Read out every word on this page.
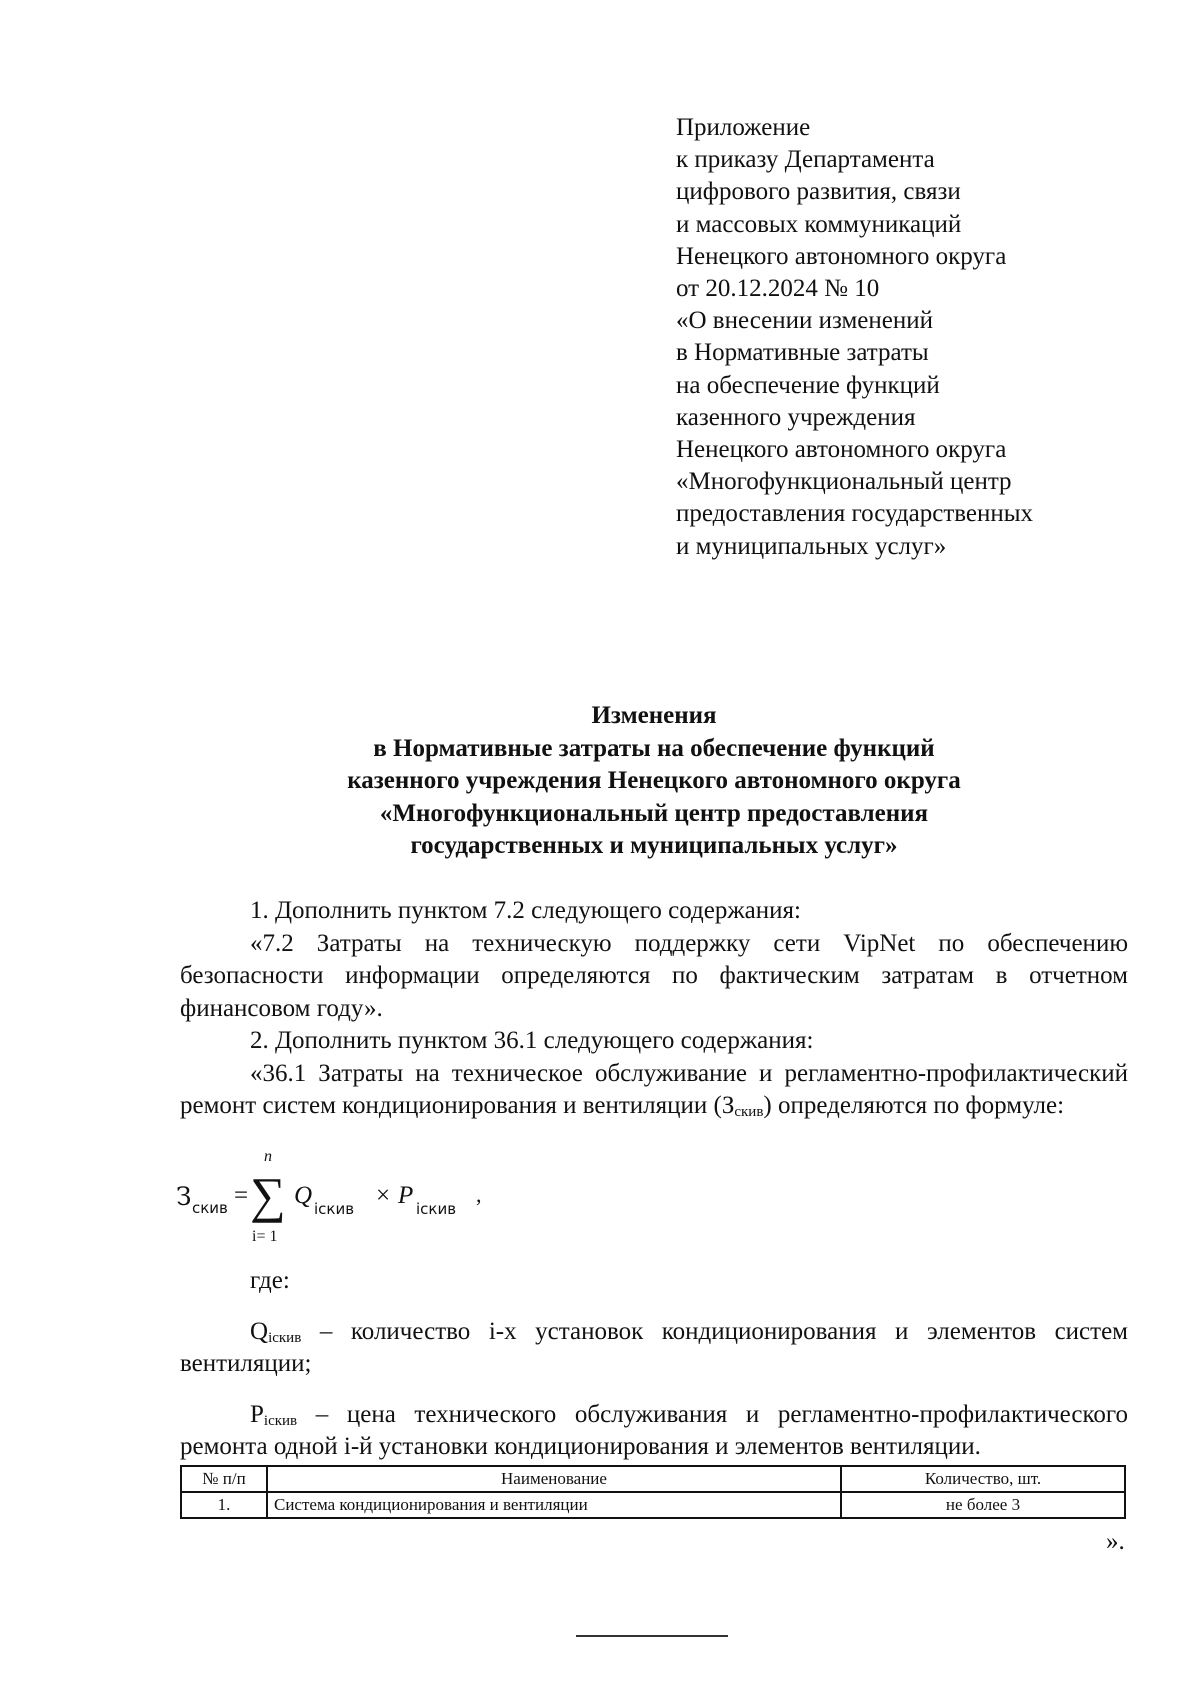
Приложение
к приказу Департамента
цифрового развития, связи
и массовых коммуникаций
Ненецкого автономного округа
от 20.12.2024 № 10
«О внесении изменений
в Нормативные затраты
на обеспечение функций
казенного учреждения
Ненецкого автономного округа
«Многофункциональный центр
предоставления государственных
и муниципальных услуг»
Изменения
в Нормативные затраты на обеспечение функций
казенного учреждения Ненецкого автономного округа
«Многофункциональный центр предоставления
государственных и муниципальных услуг»

1. Дополнить пунктом 7.2 следующего содержания:

«7.2 Затраты на техническую поддержку сети VipNet по обеспечению безопасности информации определяются по фактическим затратам в отчетном финансовом году».

2. Дополнить пунктом 36.1 следующего содержания:

«36.1 Затраты на техническое обслуживание и регламентно-профилактический ремонт систем кондиционирования и вентиляции $(З_{скив})$ определяются по формуле:

З скив =
n
∑
i= 1
Q iскив × P iскив
,

где:

$Q_{iскив}$ – количество i-х установок кондиционирования и элементов систем вентиляции;

$P_{iскив}$ – цена технического обслуживания и регламентно-профилактического ремонта одной i-й установки кондиционирования и элементов вентиляции.

№ п/п	Наименование	Количество, шт.
1.	Система кондиционирования и вентиляции	не более 3
».
